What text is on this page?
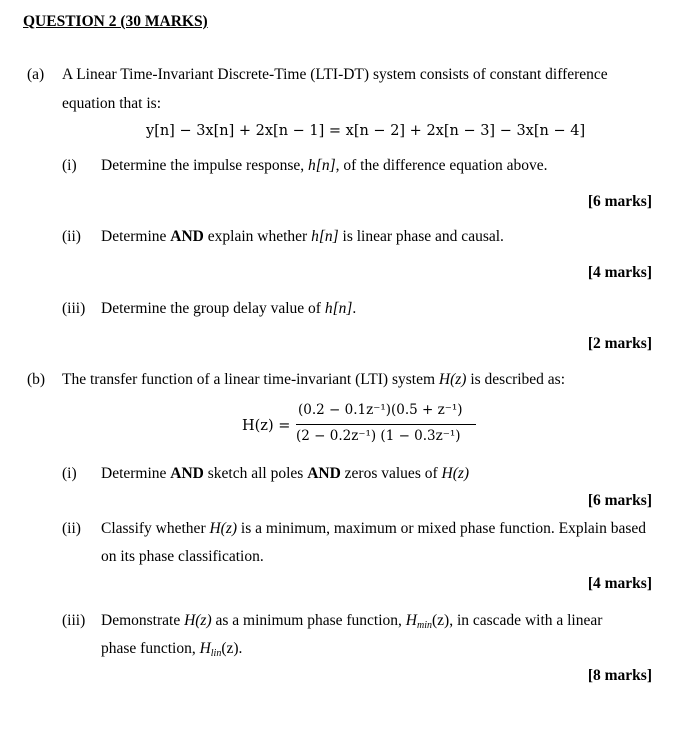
QUESTION 2 (30 MARKS)
(a) A Linear Time-Invariant Discrete-Time (LTI-DT) system consists of constant difference
equation that is:
y[n] − 3x[n] + 2x[n − 1] = x[n − 2] + 2x[n − 3] − 3x[n − 4]
(i) Determine the impulse response, h[n], of the difference equation above.
[6 marks]
(ii) Determine AND explain whether h[n] is linear phase and causal.
[4 marks]
(iii) Determine the group delay value of h[n].
[2 marks]
(b) The transfer function of a linear time-invariant (LTI) system H(z) is described as:
H(z) =
(0.2 − 0.1z⁻¹)(0.5 + z⁻¹)
(2 − 0.2z⁻¹) (1 − 0.3z⁻¹)
(i) Determine AND sketch all poles AND zeros values of H(z)
[6 marks]
(ii) Classify whether H(z) is a minimum, maximum or mixed phase function. Explain based
on its phase classification.
[4 marks]
(iii) Demonstrate H(z) as a minimum phase function, $H_{min}(z)$, in cascade with a linear
phase function, $H_{lin}(z)$.
[8 marks]
